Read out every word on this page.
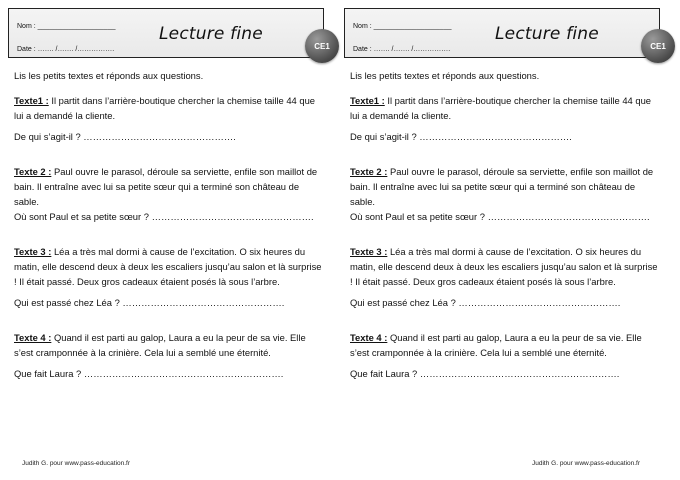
Nom : ____________________
Date : ……. /……. /…………….
Lecture fine
CE1

Lis les petits textes et réponds aux questions.

Texte1 : Il partit dans l’arrière-boutique chercher la chemise taille 44 que lui a demandé la cliente.

De qui s’agit-il ? ………………………………………….

Texte 2 : Paul ouvre le parasol, déroule sa serviette, enfile son maillot de bain. Il entraîne avec lui sa petite sœur qui a terminé son château de sable.

Où sont Paul et sa petite sœur ? …………………………………………….

Texte 3 : Léa a très mal dormi à cause de l’excitation. O six heures du matin, elle descend deux à deux les escaliers jusqu’au salon et là surprise ! Il était passé. Deux gros cadeaux étaient posés là sous l’arbre.

Qui est passé chez Léa ? …………………………………………….

Texte 4 : Quand il est parti au galop, Laura a eu la peur de sa vie. Elle s’est cramponnée à la crinière. Cela lui a semblé une éternité.

Que fait Laura ? ……………………………………………………….

Judith G. pour www.pass-education.fr
Nom : ____________________
Date : ……. /……. /…………….
Lecture fine
CE1

Lis les petits textes et réponds aux questions.

Texte1 : Il partit dans l’arrière-boutique chercher la chemise taille 44 que lui a demandé la cliente.

De qui s’agit-il ? ………………………………………….

Texte 2 : Paul ouvre le parasol, déroule sa serviette, enfile son maillot de bain. Il entraîne avec lui sa petite sœur qui a terminé son château de sable.

Où sont Paul et sa petite sœur ? …………………………………………….

Texte 3 : Léa a très mal dormi à cause de l’excitation. O six heures du matin, elle descend deux à deux les escaliers jusqu’au salon et là surprise ! Il était passé. Deux gros cadeaux étaient posés là sous l’arbre.

Qui est passé chez Léa ? …………………………………………….

Texte 4 : Quand il est parti au galop, Laura a eu la peur de sa vie. Elle s’est cramponnée à la crinière. Cela lui a semblé une éternité.

Que fait Laura ? ……………………………………………………….

Judith G. pour www.pass-education.fr
